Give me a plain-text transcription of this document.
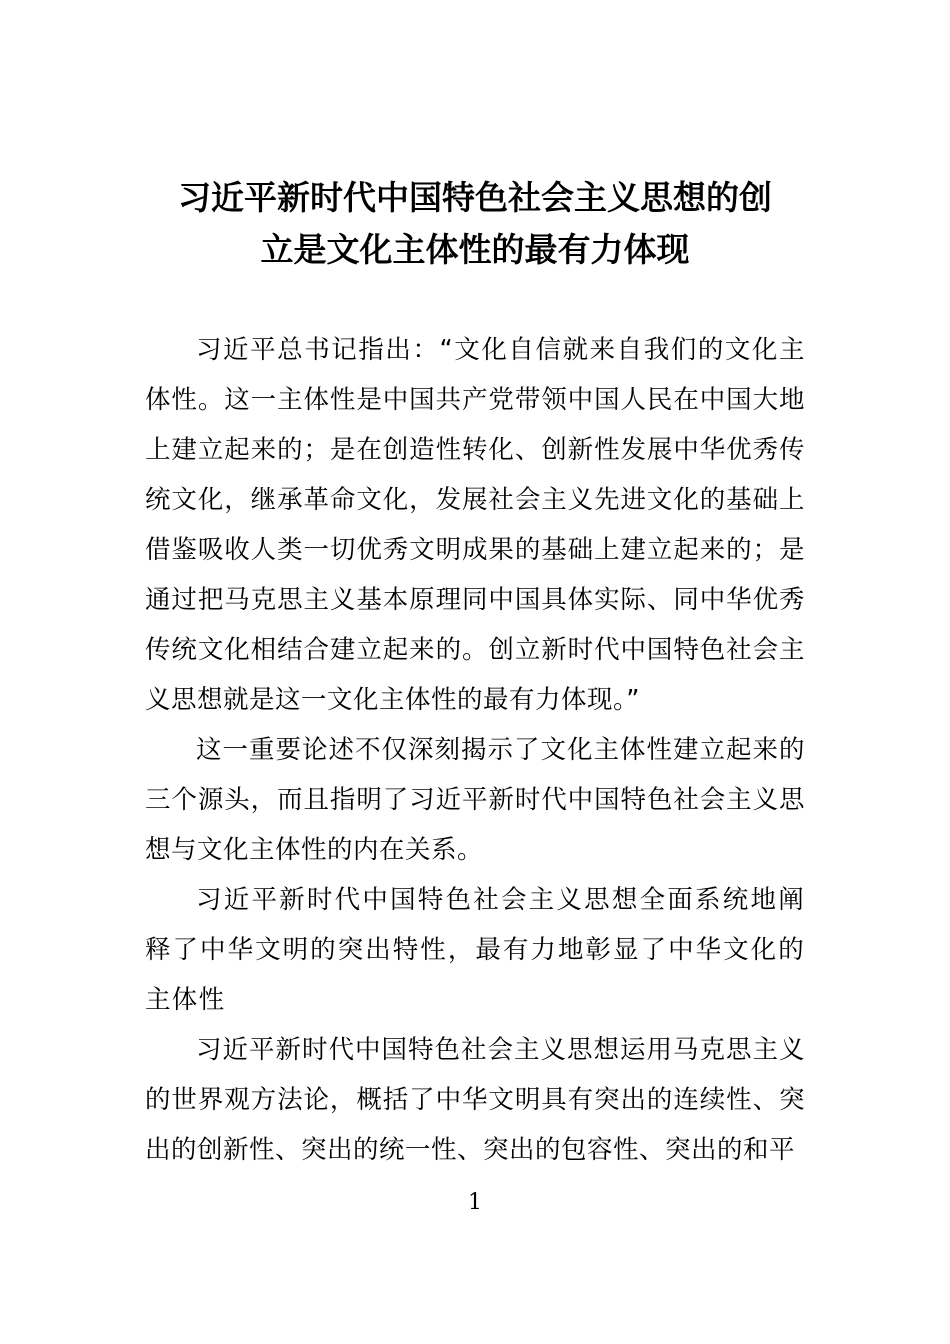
习近平新时代中国特色社会主义思想的创
立是文化主体性的最有力体现

习近平总书记指出：“文化自信就来自我们的文化主体性。这一主体性是中国共产党带领中国人民在中国大地上建立起来的；是在创造性转化、创新性发展中华优秀传统文化，继承革命文化，发展社会主义先进文化的基础上借鉴吸收人类一切优秀文明成果的基础上建立起来的；是通过把马克思主义基本原理同中国具体实际、同中华优秀传统文化相结合建立起来的。创立新时代中国特色社会主义思想就是这一文化主体性的最有力体现。”

这一重要论述不仅深刻揭示了文化主体性建立起来的三个源头，而且指明了习近平新时代中国特色社会主义思想与文化主体性的内在关系。

习近平新时代中国特色社会主义思想全面系统地阐释了中华文明的突出特性，最有力地彰显了中华文化的主体性

习近平新时代中国特色社会主义思想运用马克思主义的世界观方法论，概括了中华文明具有突出的连续性、突出的创新性、突出的统一性、突出的包容性、突出的和平

1
